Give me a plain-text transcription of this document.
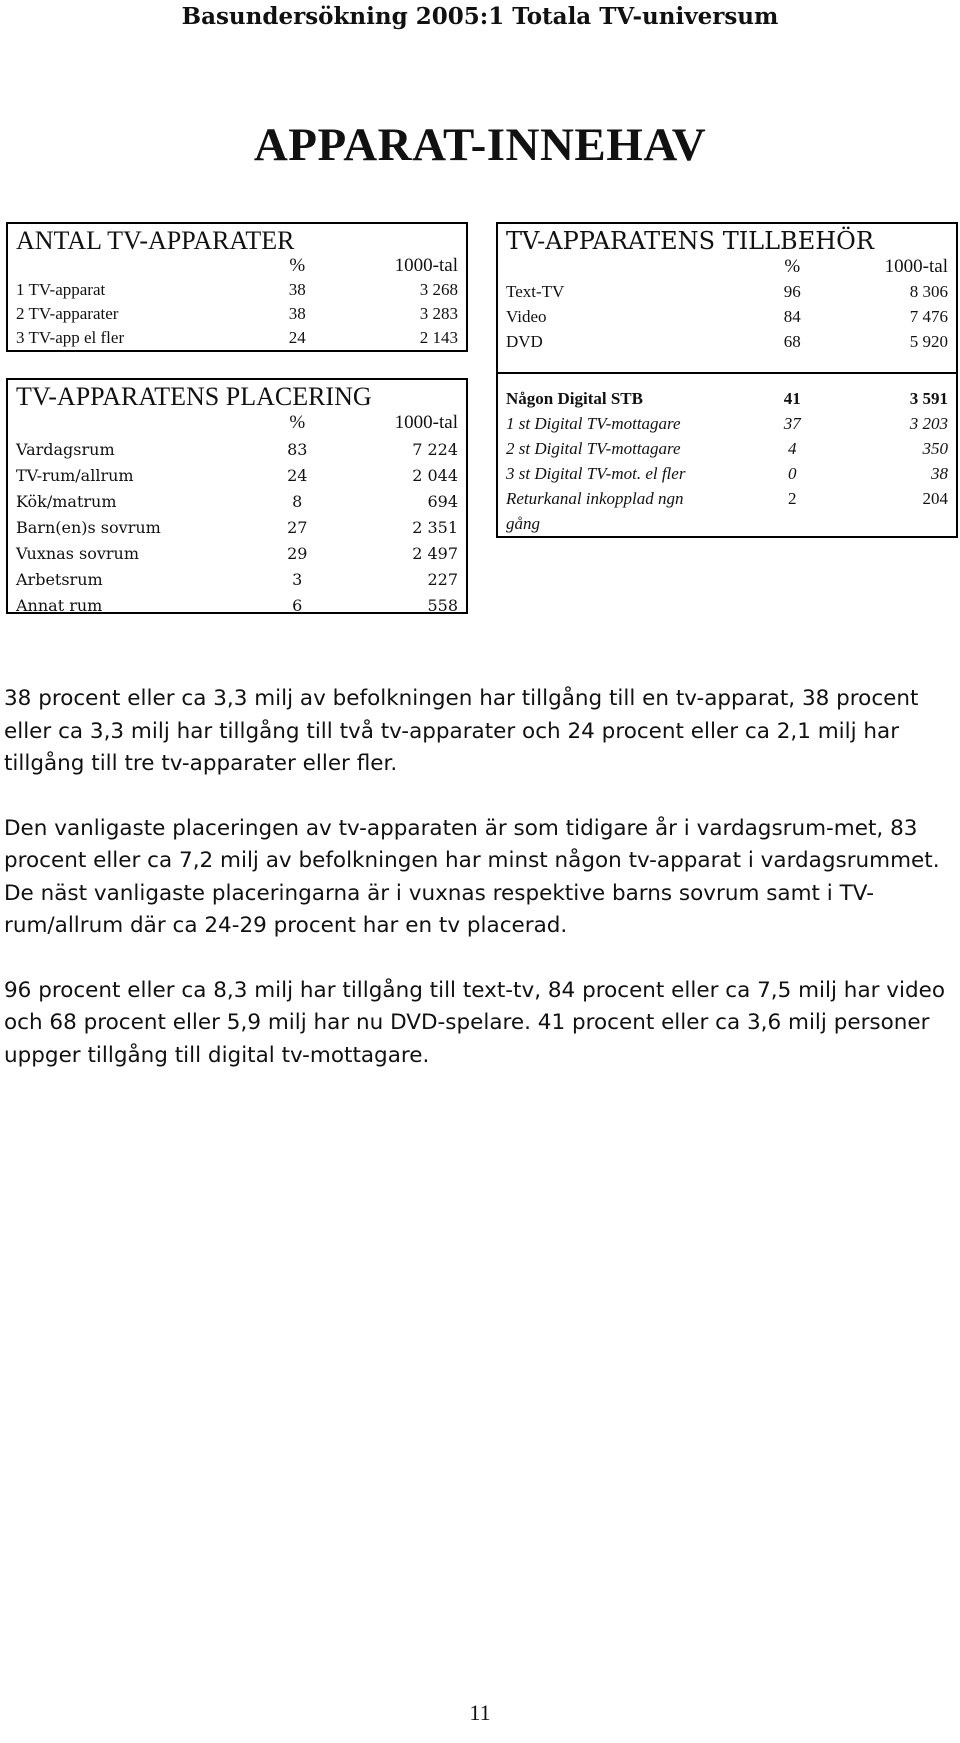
Basundersökning 2005:1 Totala TV-universum
APPARAT-INNEHAV
ANTAL TV-APPARATER
	%	1000-tal
1 TV-apparat	38	3 268
2 TV-apparater	38	3 283
3 TV-app el fler	24	2 143
TV-APPARATENS PLACERING
	%	1000-tal
Vardagsrum	83	7 224
TV-rum/allrum	24	2 044
Kök/matrum	8	694
Barn(en)s sovrum	27	2 351
Vuxnas sovrum	29	2 497
Arbetsrum	3	227
Annat rum	6	558
TV-APPARATENS TILLBEHÖR
	%	1000-tal
Text-TV	96	8 306
Video	84	7 476
DVD	68	5 920
Någon Digital STB	41	3 591
1 st Digital TV-mottagare	37	3 203
2 st Digital TV-mottagare	4	350
3 st Digital TV-mot. el fler	0	38
Returkanal inkopplad ngn	2	204
gång		

38 procent eller ca 3,3 milj av befolkningen har tillgång till en tv-apparat, 38 procent eller ca 3,3 milj har tillgång till två tv-apparater och 24 procent eller ca 2,1 milj har tillgång till tre tv-apparater eller fler.

Den vanligaste placeringen av tv-apparaten är som tidigare år i vardagsrum-met, 83 procent eller ca 7,2 milj av befolkningen har minst någon tv-apparat i vardagsrummet. De näst vanligaste placeringarna är i vuxnas respektive barns sovrum samt i TV-rum/allrum där ca 24-29 procent har en tv placerad.

96 procent eller ca 8,3 milj har tillgång till text-tv, 84 procent eller ca 7,5 milj har video och 68 procent eller 5,9 milj har nu DVD-spelare. 41 procent eller ca 3,6 milj personer uppger tillgång till digital tv-mottagare.

11
